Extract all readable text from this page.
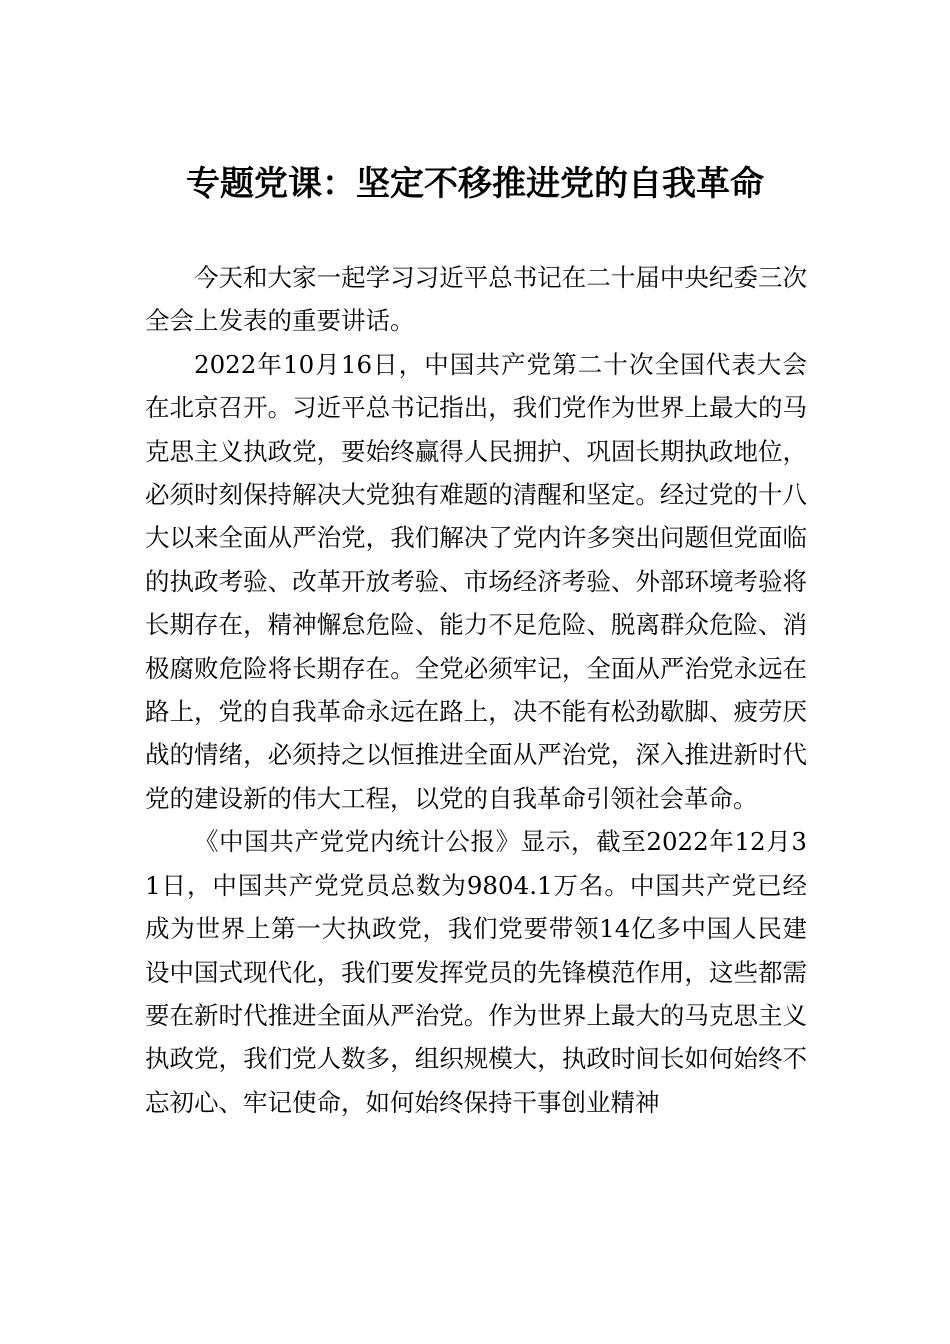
专题党课：坚定不移推进党的自我革命

今天和大家一起学习习近平总书记在二十届中央纪委三次全会上发表的重要讲话。

2022年10月16日，中国共产党第二十次全国代表大会在北京召开。习近平总书记指出，我们党作为世界上最大的马克思主义执政党，要始终赢得人民拥护、巩固长期执政地位，必须时刻保持解决大党独有难题的清醒和坚定。经过党的十八大以来全面从严治党，我们解决了党内许多突出问题但党面临的执政考验、改革开放考验、市场经济考验、外部环境考验将长期存在，精神懈怠危险、能力不足危险、脱离群众危险、消极腐败危险将长期存在。全党必须牢记，全面从严治党永远在路上，党的自我革命永远在路上，决不能有松劲歇脚、疲劳厌战的情绪，必须持之以恒推进全面从严治党，深入推进新时代党的建设新的伟大工程，以党的自我革命引领社会革命。

《中国共产党党内统计公报》显示，截至2022年12月31日，中国共产党党员总数为9804.1万名。中国共产党已经成为世界上第一大执政党，我们党要带领14亿多中国人民建设中国式现代化，我们要发挥党员的先锋模范作用，这些都需要在新时代推进全面从严治党。作为世界上最大的马克思主义执政党，我们党人数多，组织规模大，执政时间长如何始终不忘初心、牢记使命，如何始终保持干事创业精神
